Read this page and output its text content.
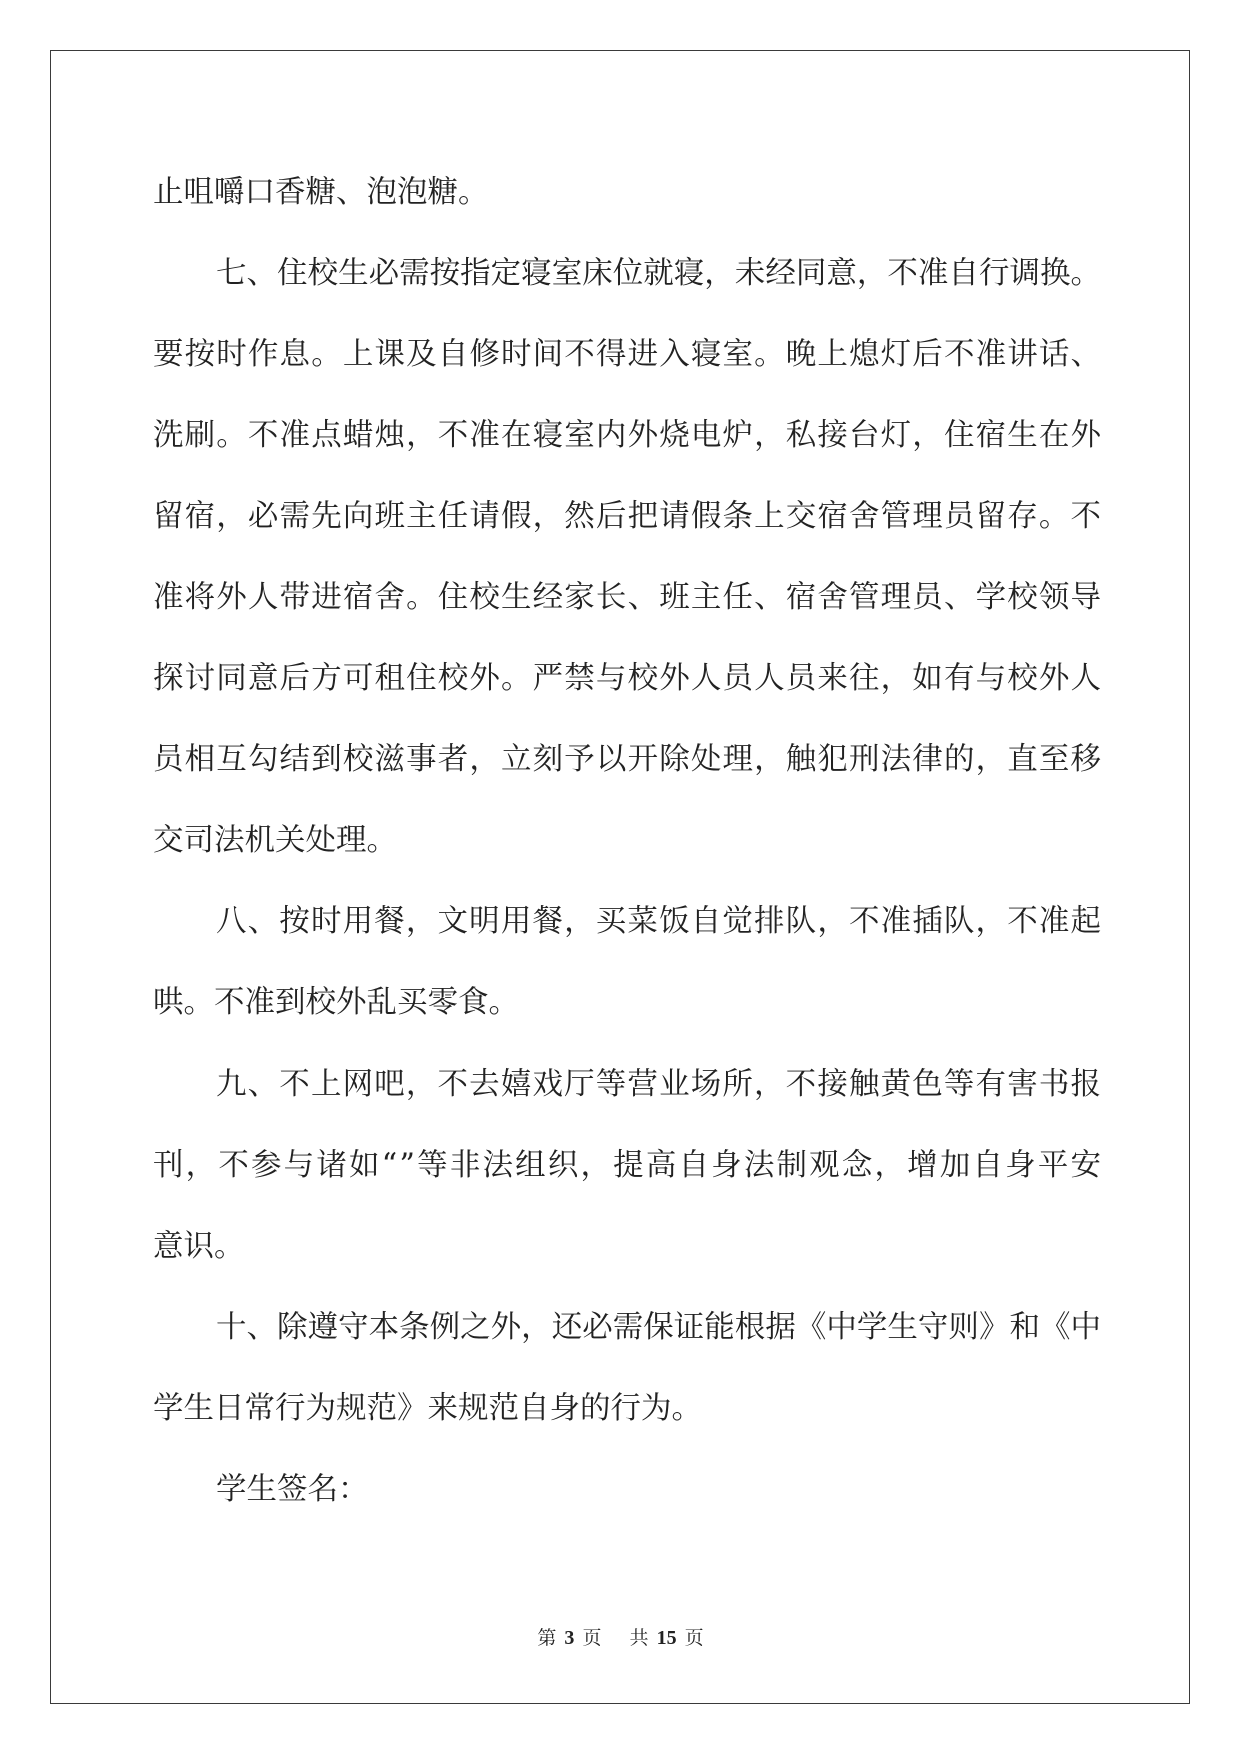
止咀嚼口香糖、泡泡糖。
七、住校生必需按指定寝室床位就寝，未经同意，不准自行调换。
要按时作息。上课及自修时间不得进入寝室。晚上熄灯后不准讲话、
洗刷。不准点蜡烛，不准在寝室内外烧电炉，私接台灯，住宿生在外
留宿，必需先向班主任请假，然后把请假条上交宿舍管理员留存。不
准将外人带进宿舍。住校生经家长、班主任、宿舍管理员、学校领导
探讨同意后方可租住校外。严禁与校外人员人员来往，如有与校外人
员相互勾结到校滋事者，立刻予以开除处理，触犯刑法律的，直至移
交司法机关处理。
八、按时用餐，文明用餐，买菜饭自觉排队，不准插队，不准起
哄。不准到校外乱买零食。
九、不上网吧，不去嬉戏厅等营业场所，不接触黄色等有害书报
刊，不参与诸如“”等非法组织，提高自身法制观念，增加自身平安
意识。
十、除遵守本条例之外，还必需保证能根据《中学生守则》和《中
学生日常行为规范》来规范自身的行为。
学生签名：
第 3 页 共 15 页
